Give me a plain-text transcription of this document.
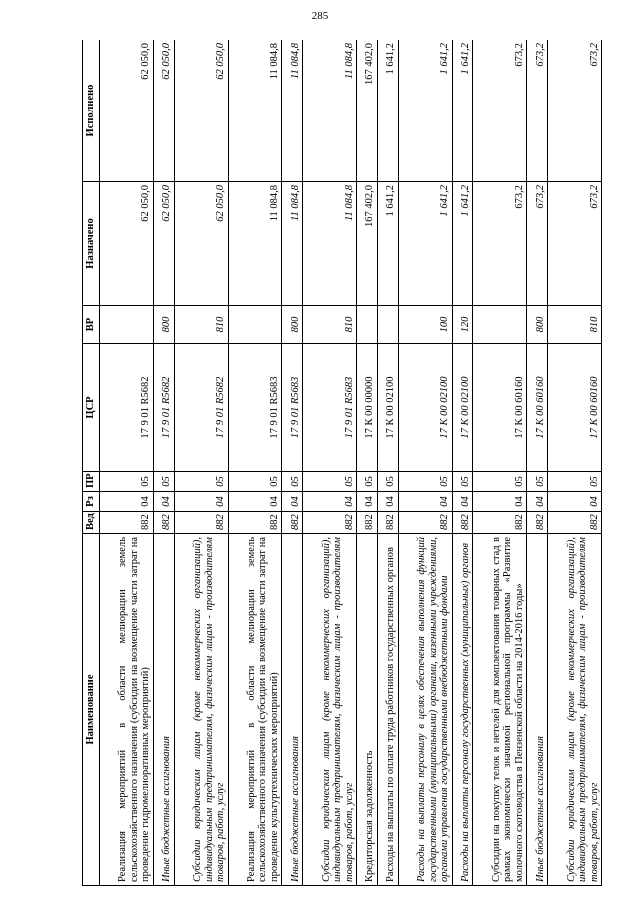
285
Наименование	Вед	Рз	ПР	ЦСР	ВР	Назначено	Исполнено
Реализация мероприятий в области мелиорации земель сельскохозяйственного назначения (субсидии на возмещение части затрат на проведение гидромелиоративных мероприятий)	882	04	05	17 9 01 R5682		62 050,0	62 050,0
Иные бюджетные ассигнования	882	04	05	17 9 01 R5682	800	62 050,0	62 050,0
Субсидии юридическим лицам (кроме некоммерческих организаций), индивидуальным предпринимателям, физическим лицам - производителям товаров, работ, услуг	882	04	05	17 9 01 R5682	810	62 050,0	62 050,0
Реализация мероприятий в области мелиорации земель сельскохозяйственного назначения (субсидии на возмещение части затрат на проведение культуртехнических мероприятий)	882	04	05	17 9 01 R5683		11 084,8	11 084,8
Иные бюджетные ассигнования	882	04	05	17 9 01 R5683	800	11 084,8	11 084,8
Субсидии юридическим лицам (кроме некоммерческих организаций), индивидуальным предпринимателям, физическим лицам - производителям товаров, работ, услуг	882	04	05	17 9 01 R5683	810	11 084,8	11 084,8
Кредиторская задолженность	882	04	05	17 К 00 00000		167 402,0	167 402,0
Расходы на выплаты по оплате труда работников государственных органов	882	04	05	17 К 00 02100		1 641,2	1 641,2
Расходы на выплаты персоналу в целях обеспечения выполнения функций государственными (муниципальными) органами, казенными учреждениями, органами управления государственными внебюджетными фондами	882	04	05	17 К 00 02100	100	1 641,2	1 641,2
Расходы на выплаты персоналу государственных (муниципальных) органов	882	04	05	17 К 00 02100	120	1 641,2	1 641,2
Субсидии на покупку телок и нетелей для комплектования товарных стад в рамках экономически значимой региональной программы «Развитие молочного скотоводства в Пензенской области на 2014-2016 годы»	882	04	05	17 К 00 60160		673,2	673,2
Иные бюджетные ассигнования	882	04	05	17 К 00 60160	800	673,2	673,2
Субсидии юридическим лицам (кроме некоммерческих организаций), индивидуальным предпринимателям, физическим лицам - производителям товаров, работ, услуг	882	04	05	17 К 00 60160	810	673,2	673,2
